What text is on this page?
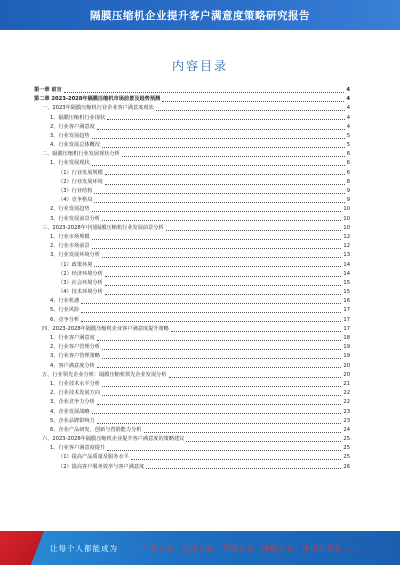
隔膜压缩机企业提升客户满意度策略研究报告
内容目录
第一章 前言	4
第二章 2023-2028年隔膜压缩机市场前景及趋势预测	4
一、2023年隔膜压缩机行业企业客户满意度现状	4
1、隔膜压缩机行业现状	4
2、行业客户满意度	4
3、行业发展趋势	5
4、行业发展总体概况	5
二、隔膜压缩机行业发展现状分析	6
1、行业发展现状	6
（1）行业发展规模	6
（2）行业发展环境	8
（3）行业结构	9
（4）竞争格局	9
2、行业发展趋势	10
3、行业发展前景分析	10
三、2023-2028年中国隔膜压缩机行业发展前景分析	10
1、行业市场规模	12
2、行业市场前景	12
3、行业发展环境分析	13
（1）政策环境	14
（2）经济环境分析	14
（3）社会环境分析	15
（4）技术环境分析	15
4、行业机遇	16
5、行业风险	17
6、竞争分析	17
四、2023-2028年隔膜压缩机企业客户满意度提升策略	17
1、行业客户满意度	18
2、行业客户管理分析	19
3、行业客户管理策略	19
4、客户满意度分析	20
五、行业领先企业分析：隔膜压缩机领先企业发展分析	20
1、行业技术水平分析	21
2、行业技术发展方向	22
3、企业竞争力分析	22
4、企业发展战略	23
5、企业品牌影响力	23
6、企业产品研发、创新与营销能力分析	24
六、2023-2028年隔膜压缩机企业提升客户满意度的策略建议	25
1、行业客户满意度提升	25
（1）提高产品质量及服务水平	25
（2）提高客户服务效率与客户满意度	26
让每个人都能成为	行业专家、管理专家、营销专家、战略专家、成功企业家……
